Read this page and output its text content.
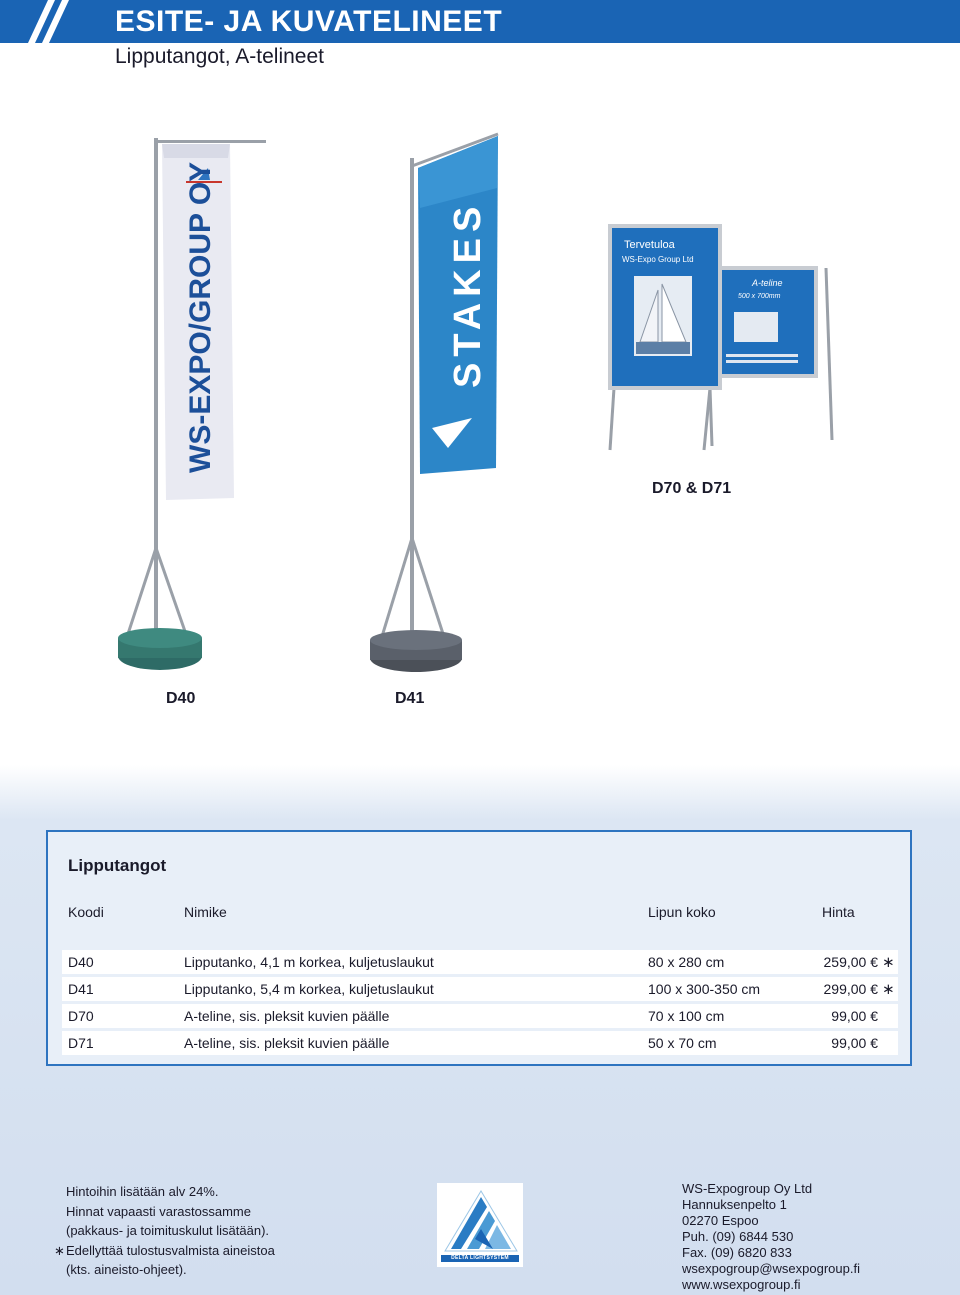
ESITE- JA KUVATELINEET
Lipputangot, A-telineet
WS-EXPO/GROUP OY	STAKES	A-teline
500 x 700mm
Tervetuloa
WS-Expo Group Ltd
D40	D41
D70 & D71
Lipputangot
Koodi	Nimike	Lipun koko	Hinta
D40	Lipputanko, 4,1 m korkea, kuljetuslaukut	80 x 280 cm	259,00 € ∗
D41	Lipputanko, 5,4 m korkea, kuljetuslaukut	100 x 300-350 cm	299,00 € ∗
D70	A-teline, sis. pleksit kuvien päälle	70 x 100 cm	99,00 €
D71	A-teline, sis. pleksit kuvien päälle	50 x 70 cm	99,00 €
Hintoihin lisätään alv 24%.
Hinnat vapaasti varastossamme
(pakkaus- ja toimituskulut lisätään).
∗ Edellyttää tulostusvalmista aineistoa
(kts. aineisto-ohjeet).
DELTA LIGHTSYSTEM
WS-Expogroup Oy Ltd
Hannuksenpelto 1
02270 Espoo
Puh. (09) 6844 530
Fax. (09) 6820 833
wsexpogroup@wsexpogroup.fi
www.wsexpogroup.fi
